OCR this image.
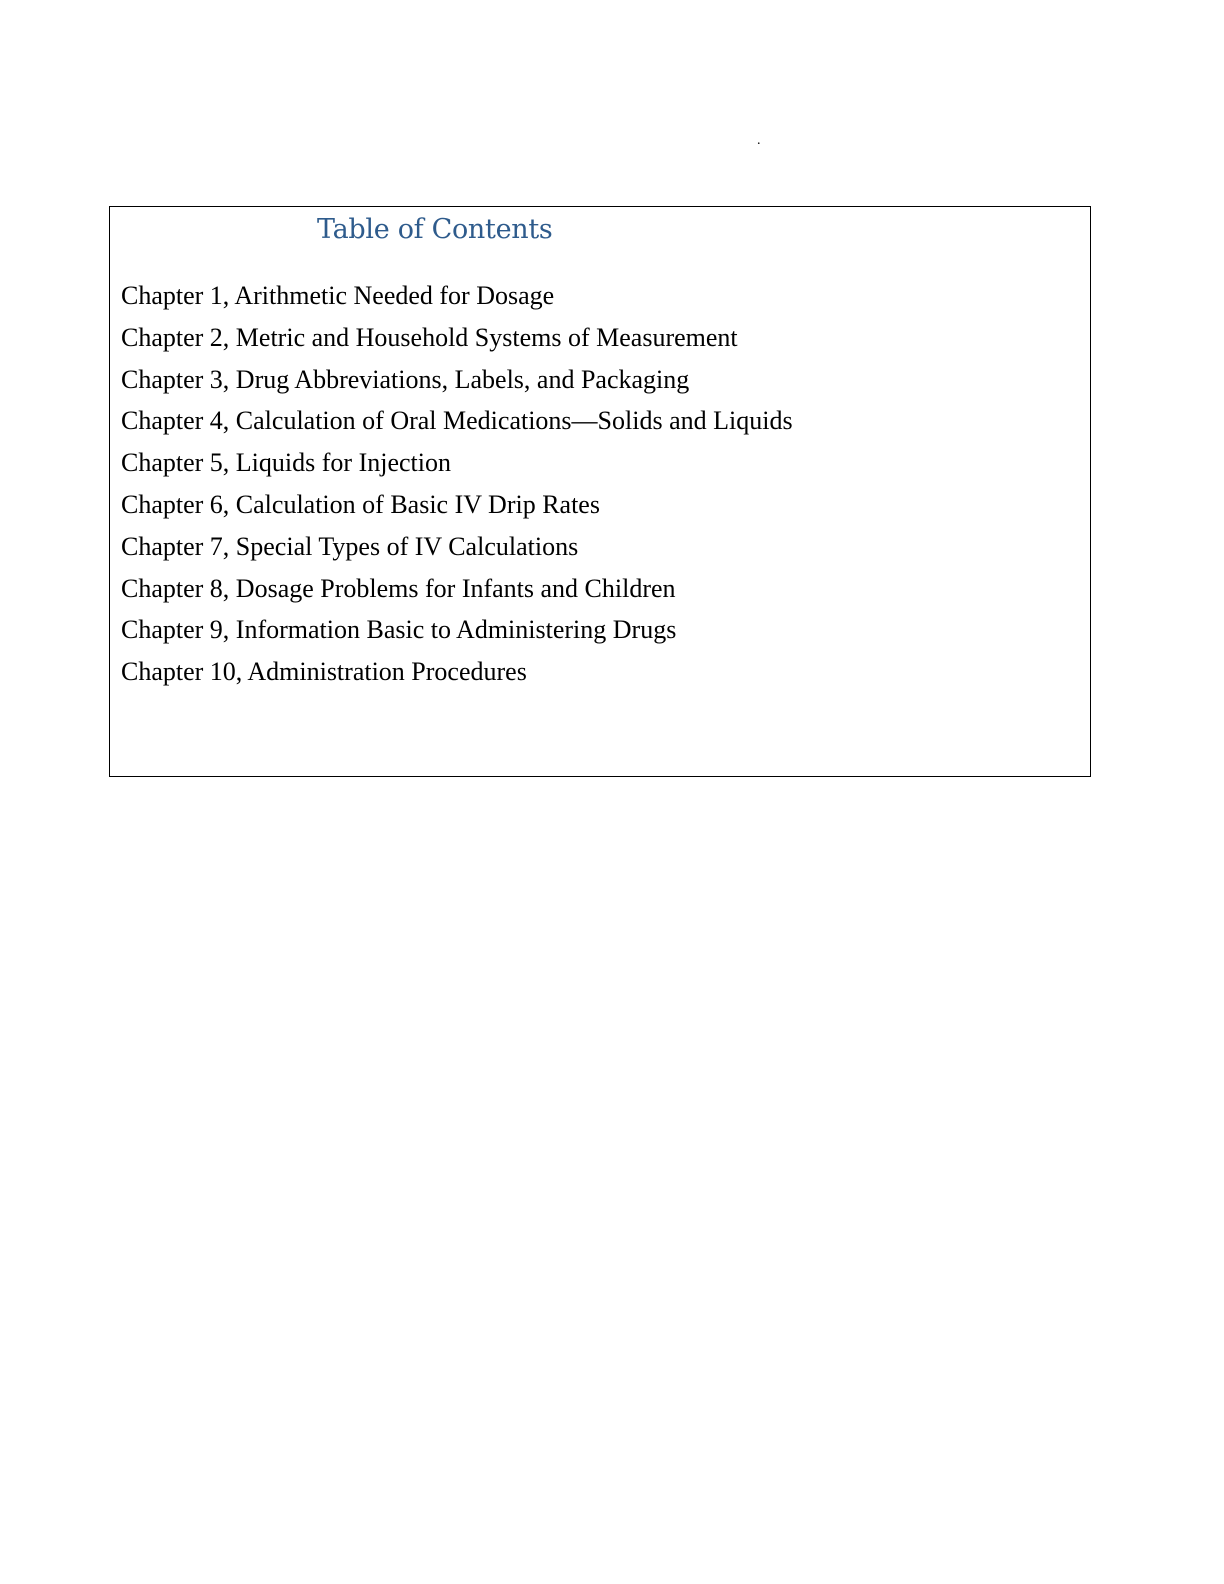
.
Table of Contents
Chapter 1, Arithmetic Needed for Dosage
Chapter 2, Metric and Household Systems of Measurement
Chapter 3, Drug Abbreviations, Labels, and Packaging
Chapter 4, Calculation of Oral Medications—Solids and Liquids
Chapter 5, Liquids for Injection
Chapter 6, Calculation of Basic IV Drip Rates
Chapter 7, Special Types of IV Calculations
Chapter 8, Dosage Problems for Infants and Children
Chapter 9, Information Basic to Administering Drugs
Chapter 10, Administration Procedures
